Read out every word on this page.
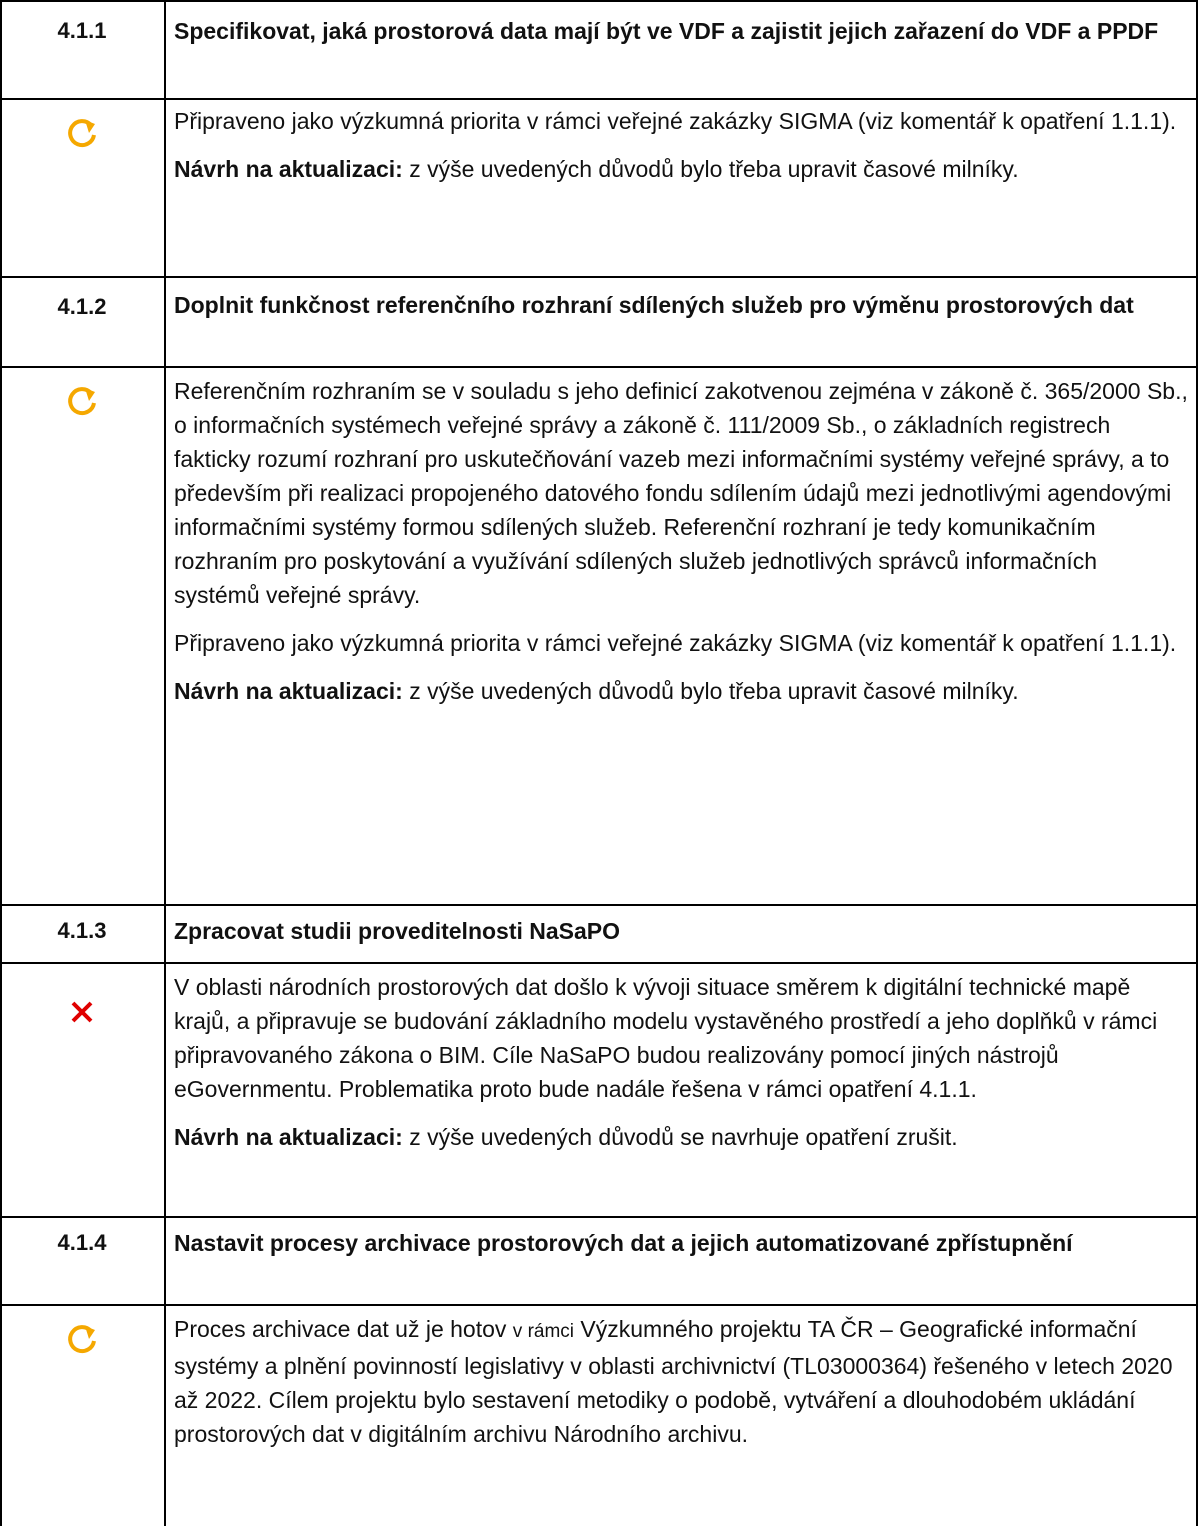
4.1.1	Specifikovat, jaká prostorová data mají být ve VDF a zajistit jejich zařazení do VDF a PPDF

Připraveno jako výzkumná priorita v rámci veřejné zakázky SIGMA (viz komentář k opatření 1.1.1).

Návrh na aktualizaci: z výše uvedených důvodů bylo třeba upravit časové milníky.

4.1.2	Doplnit funkčnost referenčního rozhraní sdílených služeb pro výměnu prostorových dat

Referenčním rozhraním se v souladu s jeho definicí zakotvenou zejména v zákoně č. 365/2000 Sb., o informačních systémech veřejné správy a zákoně č. 111/2009 Sb., o základních registrech fakticky rozumí rozhraní pro uskutečňování vazeb mezi informačními systémy veřejné správy, a to především při realizaci propojeného datového fondu sdílením údajů mezi jednotlivými agendovými informačními systémy formou sdílených služeb. Referenční rozhraní je tedy komunikačním rozhraním pro poskytování a využívání sdílených služeb jednotlivých správců informačních systémů veřejné správy.

Připraveno jako výzkumná priorita v rámci veřejné zakázky SIGMA (viz komentář k opatření 1.1.1).

Návrh na aktualizaci: z výše uvedených důvodů bylo třeba upravit časové milníky.

4.1.3	Zpracovat studii proveditelnosti NaSaPO

V oblasti národních prostorových dat došlo k vývoji situace směrem k digitální technické mapě krajů, a připravuje se budování základního modelu vystavěného prostředí a jeho doplňků v rámci připravovaného zákona o BIM. Cíle NaSaPO budou realizovány pomocí jiných nástrojů eGovernmentu. Problematika proto bude nadále řešena v rámci opatření 4.1.1.

Návrh na aktualizaci: z výše uvedených důvodů se navrhuje opatření zrušit.

4.1.4	Nastavit procesy archivace prostorových dat a jejich automatizované zpřístupnění

Proces archivace dat už je hotov v rámci Výzkumného projektu TA ČR – Geografické informační systémy a plnění povinností legislativy v oblasti archivnictví (TL03000364) řešeného v letech 2020 až 2022. Cílem projektu bylo sestavení metodiky o podobě, vytváření a dlouhodobém ukládání prostorových dat v digitálním archivu Národního archivu.
